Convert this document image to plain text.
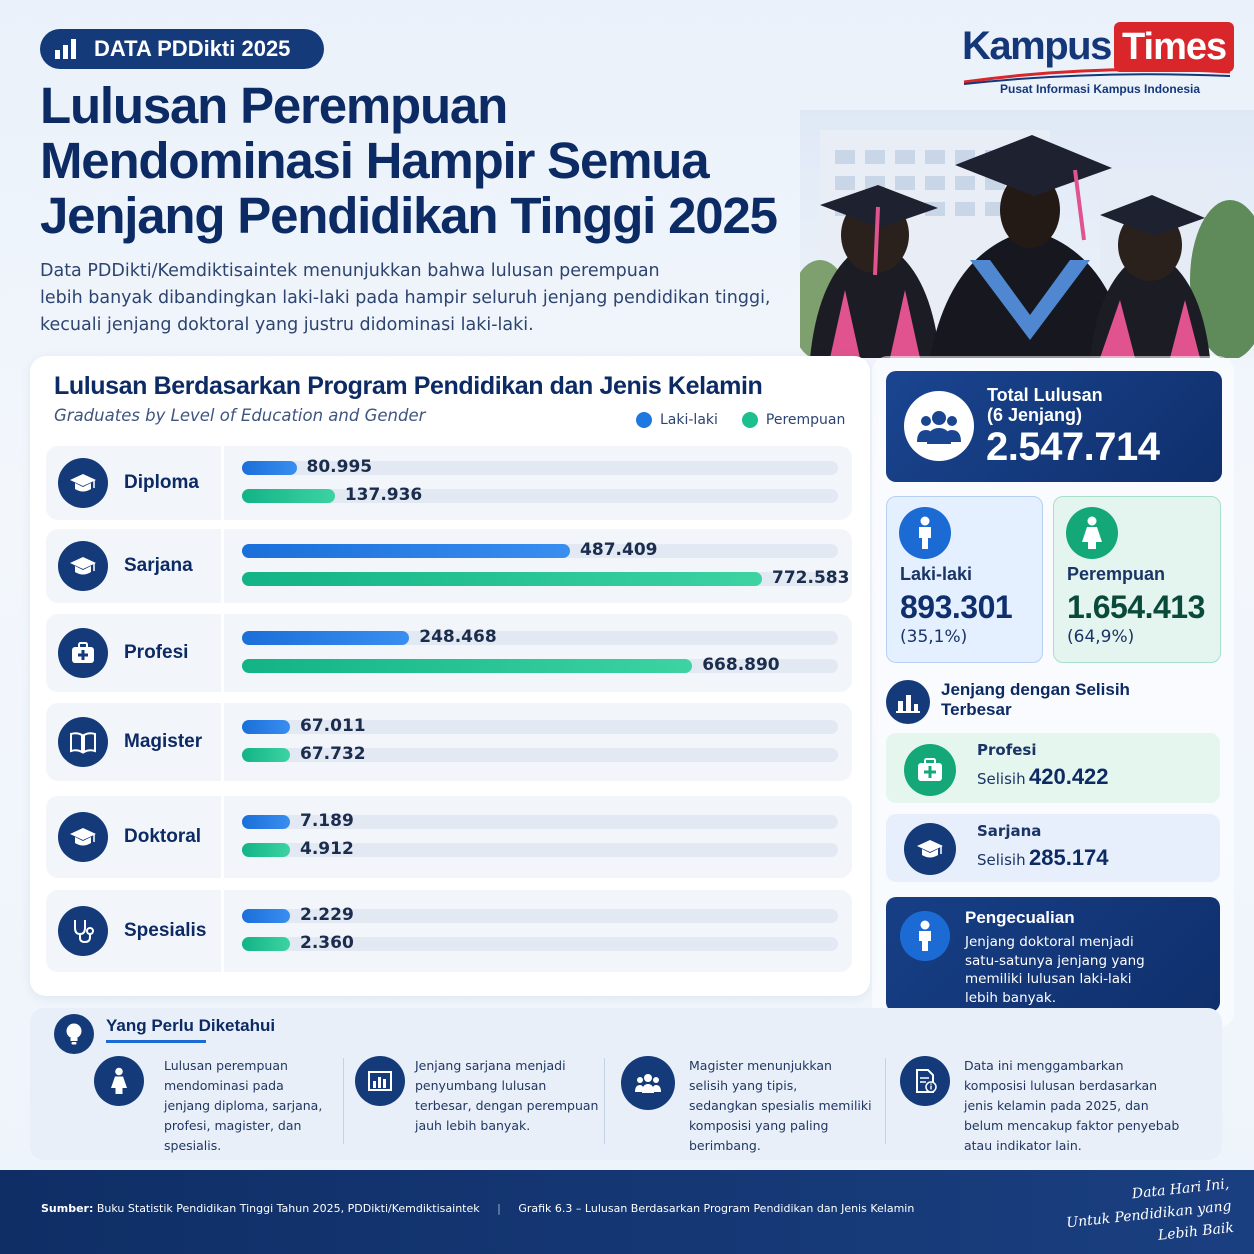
DATA PDDikti 2025
Lulusan Perempuan
Mendominasi Hampir Semua
Jenjang Pendidikan Tinggi 2025
Data PDDikti/Kemdiktisaintek menunjukkan bahwa lulusan perempuan
lebih banyak dibandingkan laki-laki pada hampir seluruh jenjang pendidikan tinggi,
kecuali jenjang doktoral yang justru didominasi laki-laki.
Kampus Times
Pusat Informasi Kampus Indonesia
Lulusan Berdasarkan Program Pendidikan dan Jenis Kelamin
Graduates by Level of Education and Gender	Laki-laki	Perempuan
Diploma
80.995
137.936
Sarjana
487.409
772.583
Profesi
248.468
668.890
Magister
67.011
67.732
Doktoral
7.189
4.912
Spesialis
2.229
2.360
Total Lulusan
(6 Jenjang)
2.547.714
Laki-laki
893.301
(35,1%)
Perempuan
1.654.413
(64,9%)
Jenjang dengan Selisih
Terbesar
Profesi
Selisih 420.422
Sarjana
Selisih 285.174
Pengecualian
Jenjang doktoral menjadi
satu-satunya jenjang yang
memiliki lulusan laki-laki
lebih banyak.
Yang Perlu Diketahui
Lulusan perempuan
mendominasi pada
jenjang diploma, sarjana,
profesi, magister, dan spesialis.
Jenjang sarjana menjadi
penyumbang lulusan
terbesar, dengan perempuan
jauh lebih banyak.
Magister menunjukkan
selisih yang tipis,
sedangkan spesialis memiliki
komposisi yang paling berimbang.
Data ini menggambarkan
komposisi lulusan berdasarkan
jenis kelamin pada 2025, dan
belum mencakup faktor penyebab
atau indikator lain.
Sumber: Buku Statistik Pendidikan Tinggi Tahun 2025, PDDikti/Kemdiktisaintek | Grafik 6.3 – Lulusan Berdasarkan Program Pendidikan dan Jenis Kelamin
Data Hari Ini,
Untuk Pendidikan yang Lebih Baik
